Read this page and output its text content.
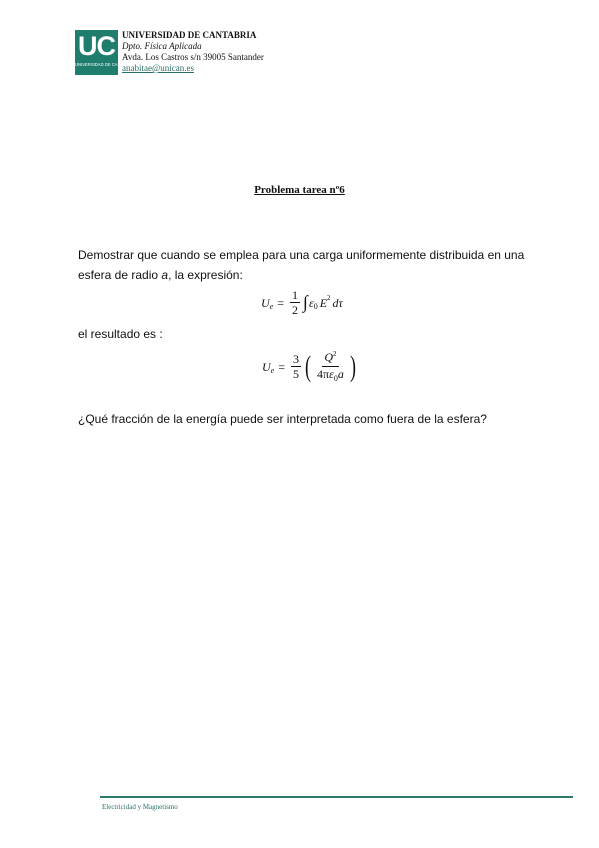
UC
UNIVERSIDAD DE CANTABRIA
UNIVERSIDAD DE CANTABRIA
Dpto. Física Aplicada
Avda. Los Castros s/n 39005 Santander
anabitae@unican.es
Problema tarea nº6
Demostrar que cuando se emplea para una carga uniformemente distribuida en una
esfera de radio a, la expresión:
U $e = \frac{1}{2}$ ∫ ε 0 E 2 dτ
el resultado es :
U $e = \frac{3}{5}$ ( $\frac{Q^2}{4\pi\varepsilon_0a}$ )
¿Qué fracción de la energía puede ser interpretada como fuera de la esfera?
Electricidad y Magnetismo
